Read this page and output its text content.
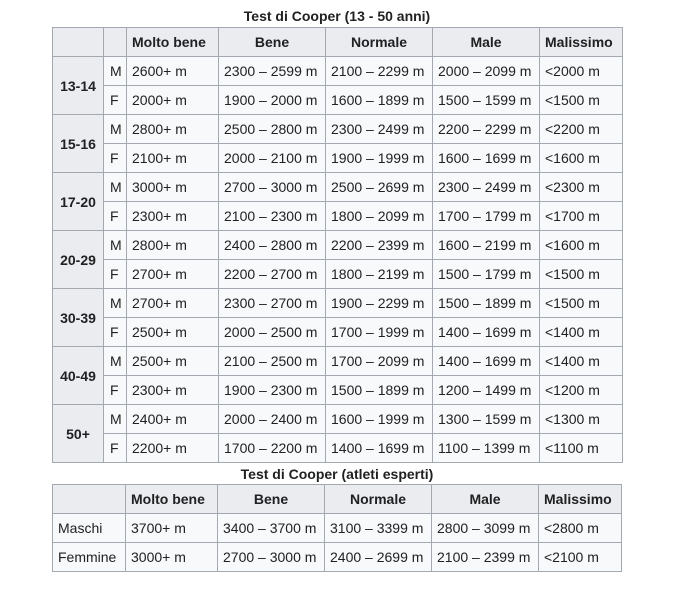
Test di Cooper (13 - 50 anni)
		Molto bene	Bene	Normale	Male	Malissimo
13-14	M	2600+ m	2300 – 2599 m	2100 – 2299 m	2000 – 2099 m	<2000 m
	F	2000+ m	1900 – 2000 m	1600 – 1899 m	1500 – 1599 m	<1500 m
15-16	M	2800+ m	2500 – 2800 m	2300 – 2499 m	2200 – 2299 m	<2200 m
	F	2100+ m	2000 – 2100 m	1900 – 1999 m	1600 – 1699 m	<1600 m
17-20	M	3000+ m	2700 – 3000 m	2500 – 2699 m	2300 – 2499 m	<2300 m
	F	2300+ m	2100 – 2300 m	1800 – 2099 m	1700 – 1799 m	<1700 m
20-29	M	2800+ m	2400 – 2800 m	2200 – 2399 m	1600 – 2199 m	<1600 m
	F	2700+ m	2200 – 2700 m	1800 – 2199 m	1500 – 1799 m	<1500 m
30-39	M	2700+ m	2300 – 2700 m	1900 – 2299 m	1500 – 1899 m	<1500 m
	F	2500+ m	2000 – 2500 m	1700 – 1999 m	1400 – 1699 m	<1400 m
40-49	M	2500+ m	2100 – 2500 m	1700 – 2099 m	1400 – 1699 m	<1400 m
	F	2300+ m	1900 – 2300 m	1500 – 1899 m	1200 – 1499 m	<1200 m
50+	M	2400+ m	2000 – 2400 m	1600 – 1999 m	1300 – 1599 m	<1300 m
	F	2200+ m	1700 – 2200 m	1400 – 1699 m	1100 – 1399 m	<1100 m
Test di Cooper (atleti esperti)
	Molto bene	Bene	Normale	Male	Malissimo
Maschi	3700+ m	3400 – 3700 m	3100 – 3399 m	2800 – 3099 m	<2800 m
Femmine	3000+ m	2700 – 3000 m	2400 – 2699 m	2100 – 2399 m	<2100 m
